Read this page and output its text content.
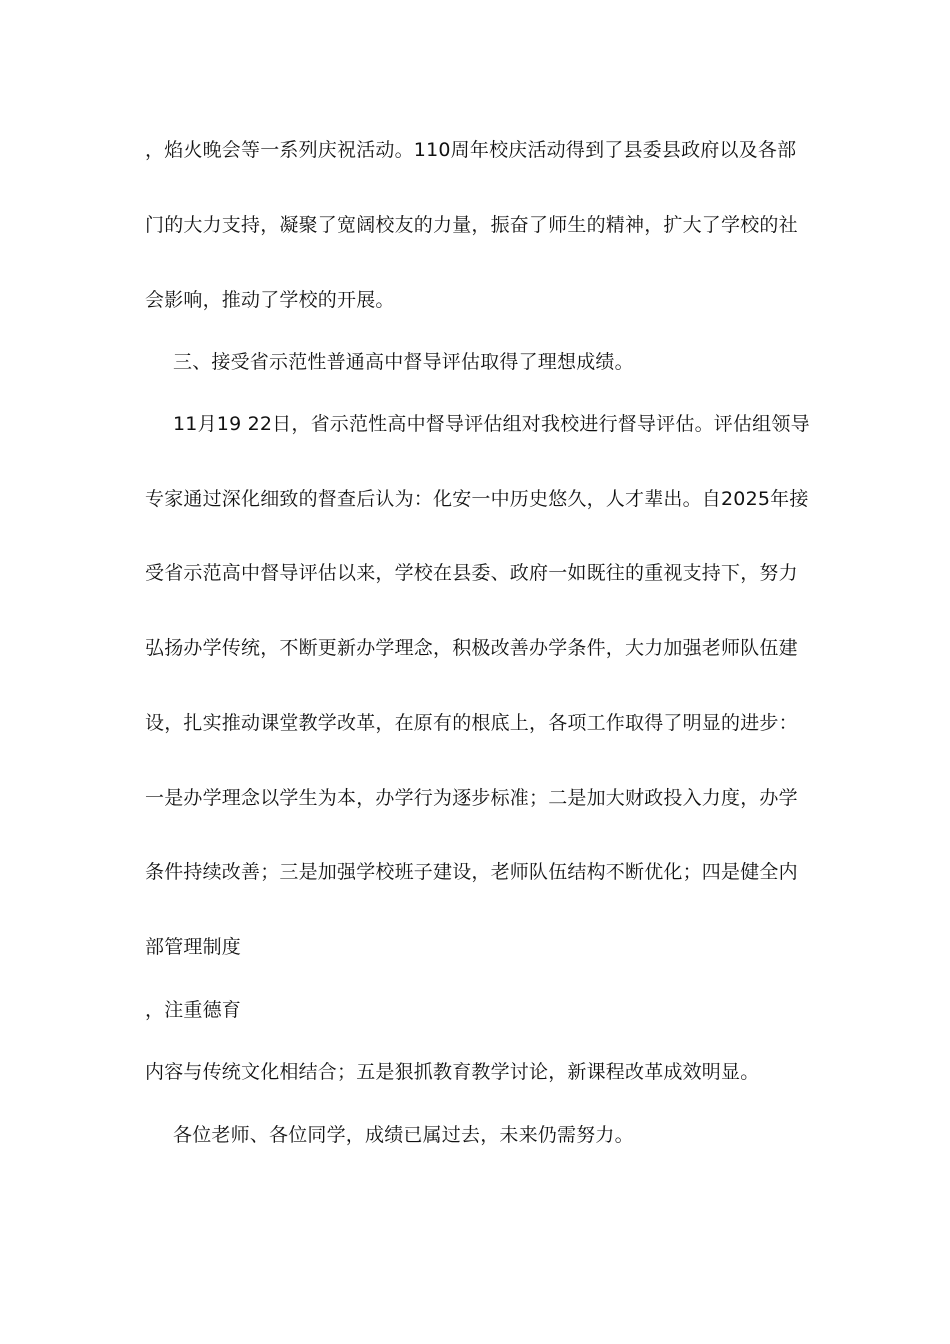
，焰火晚会等一系列庆祝活动。110周年校庆活动得到了县委县政府以及各部
门的大力支持，凝聚了宽阔校友的力量，振奋了师生的精神，扩大了学校的社
会影响，推动了学校的开展。
三、接受省示范性普通高中督导评估取得了理想成绩。
11月19 22日，省示范性高中督导评估组对我校进行督导评估。评估组领导
专家通过深化细致的督查后认为：化安一中历史悠久，人才辈出。自2025年接
受省示范高中督导评估以来，学校在县委、政府一如既往的重视支持下，努力
弘扬办学传统，不断更新办学理念，积极改善办学条件，大力加强老师队伍建
设，扎实推动课堂教学改革，在原有的根底上，各项工作取得了明显的进步：
一是办学理念以学生为本，办学行为逐步标准；二是加大财政投入力度，办学
条件持续改善；三是加强学校班子建设，老师队伍结构不断优化；四是健全内
部管理制度
，注重德育
内容与传统文化相结合；五是狠抓教育教学讨论，新课程改革成效明显。
各位老师、各位同学，成绩已属过去，未来仍需努力。
